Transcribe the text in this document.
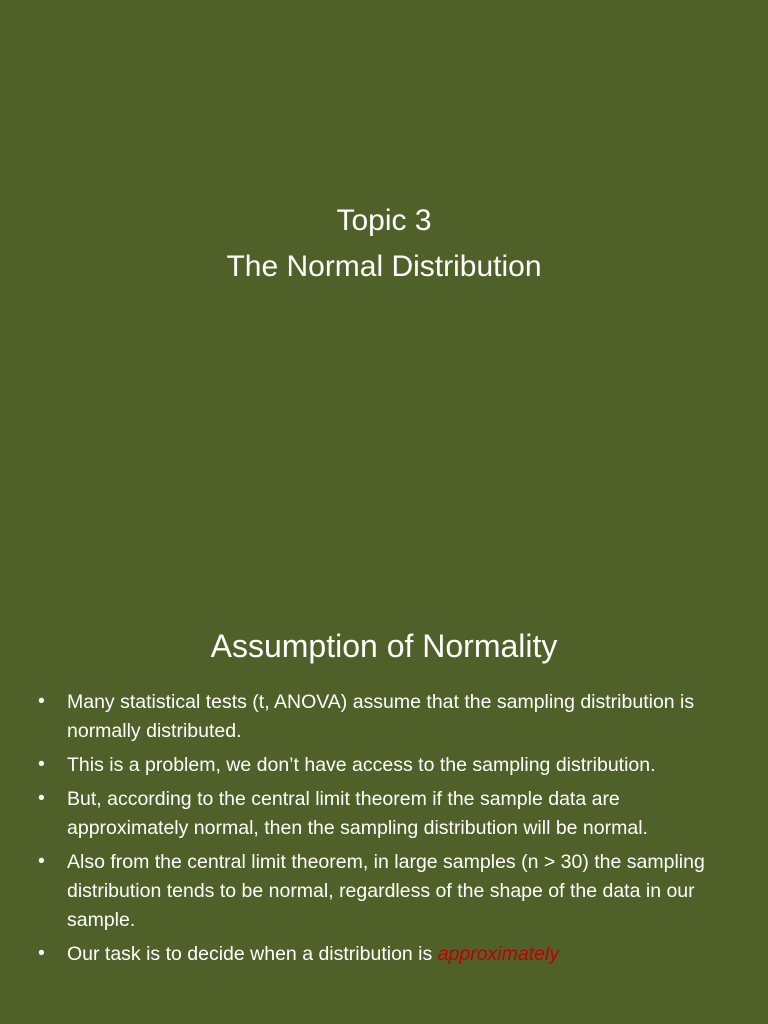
Topic 3
The Normal Distribution
Assumption of Normality
•	Many statistical tests (t, ANOVA) assume that the sampling distribution is normally distributed.
•	This is a problem, we don’t have access to the sampling distribution.
•	But, according to the central limit theorem if the sample data are approximately normal, then the sampling distribution will be normal.
•	Also from the central limit theorem, in large samples (n > 30) the sampling distribution tends to be normal, regardless of the shape of the data in our sample.
•	Our task is to decide when a distribution is approximately
